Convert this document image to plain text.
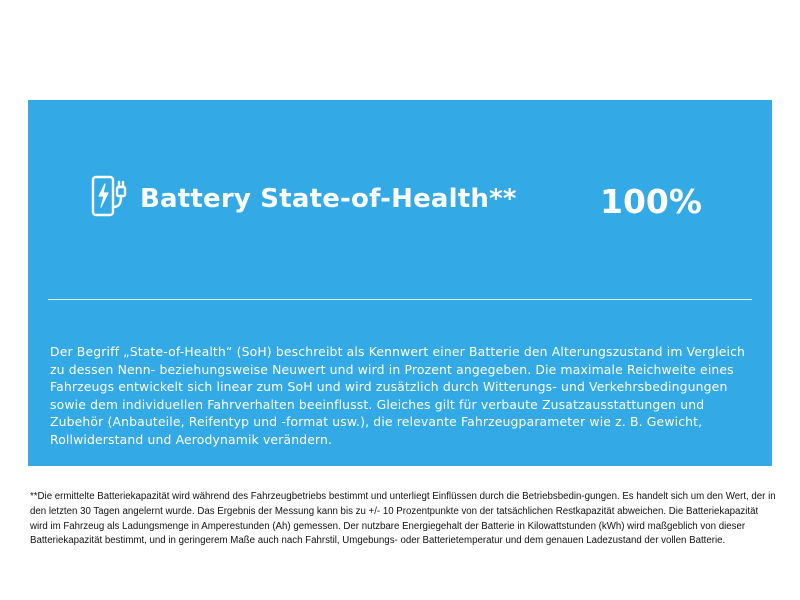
Battery State-of-Health**	100%

Der Begriff „State-of-Health“ (SoH) beschreibt als Kennwert einer Batterie den Alterungszustand im Vergleich zu dessen Nenn- beziehungsweise Neuwert und wird in Prozent angegeben. Die maximale Reichweite eines Fahrzeugs entwickelt sich linear zum SoH und wird zusätzlich durch Witterungs- und Verkehrsbedingungen sowie dem individuellen Fahrverhalten beeinflusst. Gleiches gilt für verbaute Zusatzausstattungen und Zubehör (Anbauteile, Reifentyp und -format usw.), die relevante Fahrzeugparameter wie z. B. Gewicht, Rollwiderstand und Aerodynamik verändern.

**Die ermittelte Batteriekapazität wird während des Fahrzeugbetriebs bestimmt und unterliegt Einflüssen durch die Betriebsbedin-gungen. Es handelt sich um den Wert, der in den letzten 30 Tagen angelernt wurde. Das Ergebnis der Messung kann bis zu +/- 10 Prozentpunkte von der tatsächlichen Restkapazität abweichen. Die Batteriekapazität wird im Fahrzeug als Ladungsmenge in Amperestunden (Ah) gemessen. Der nutzbare Energiegehalt der Batterie in Kilowattstunden (kWh) wird maßgeblich von dieser Batteriekapazität bestimmt, und in geringerem Maße auch nach Fahrstil, Umgebungs- oder Batterietemperatur und dem genauen Ladezustand der vollen Batterie.
